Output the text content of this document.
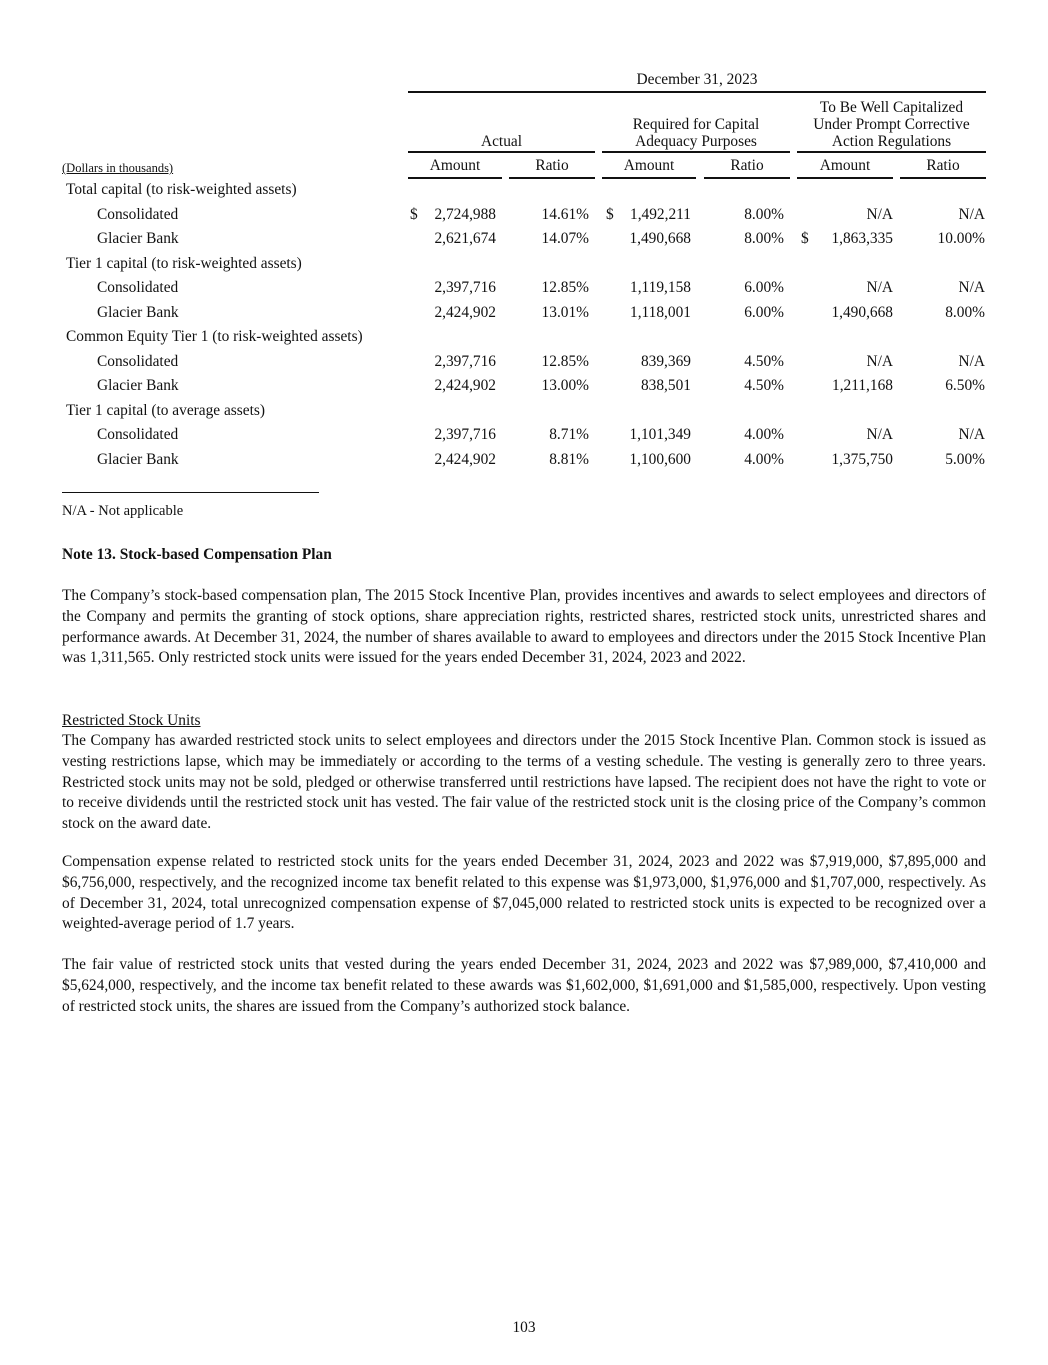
December 31, 2023
Actual
Required for Capital
Adequacy Purposes
To Be Well Capitalized
Under Prompt Corrective
Action Regulations
(Dollars in thousands)	Amount	Ratio	Amount	Ratio	Amount	Ratio
Total capital (to risk-weighted assets)
Consolidated	$ 2,724,988	14.61% $ 1,492,211	8.00%	N/A	N/A
Glacier Bank	2,621,674	14.07%	1,490,668	8.00% $ 1,863,335	10.00%
Tier 1 capital (to risk-weighted assets)
Consolidated	2,397,716	12.85%	1,119,158	6.00%	N/A	N/A
Glacier Bank	2,424,902	13.01%	1,118,001	6.00%	1,490,668	8.00%
Common Equity Tier 1 (to risk-weighted assets)
Consolidated	2,397,716	12.85%	839,369	4.50%	N/A	N/A
Glacier Bank	2,424,902	13.00%	838,501	4.50%	1,211,168	6.50%
Tier 1 capital (to average assets)
Consolidated	2,397,716	8.71%	1,101,349	4.00%	N/A	N/A
Glacier Bank	2,424,902	8.81%	1,100,600	4.00%	1,375,750	5.00%
N/A - Not applicable
Note 13. Stock-based Compensation Plan
The Company’s stock-based compensation plan, The 2015 Stock Incentive Plan, provides incentives and awards to select employees and directors of the Company and permits the granting of stock options, share appreciation rights, restricted shares, restricted stock units, unrestricted shares and performance awards. At December 31, 2024, the number of shares available to award to employees and directors under the 2015 Stock Incentive Plan was 1,311,565. Only restricted stock units were issued for the years ended December 31, 2024, 2023 and 2022.
Restricted Stock Units
The Company has awarded restricted stock units to select employees and directors under the 2015 Stock Incentive Plan. Common stock is issued as vesting restrictions lapse, which may be immediately or according to the terms of a vesting schedule. The vesting is generally zero to three years. Restricted stock units may not be sold, pledged or otherwise transferred until restrictions have lapsed. The recipient does not have the right to vote or to receive dividends until the restricted stock unit has vested. The fair value of the restricted stock unit is the closing price of the Company’s common stock on the award date.
Compensation expense related to restricted stock units for the years ended December 31, 2024, 2023 and 2022 was $7,919,000, $7,895,000 and $6,756,000, respectively, and the recognized income tax benefit related to this expense was $1,973,000, $1,976,000 and $1,707,000, respectively. As of December 31, 2024, total unrecognized compensation expense of $7,045,000 related to restricted stock units is expected to be recognized over a weighted-average period of 1.7 years.
The fair value of restricted stock units that vested during the years ended December 31, 2024, 2023 and 2022 was $7,989,000, $7,410,000 and $5,624,000, respectively, and the income tax benefit related to these awards was $1,602,000, $1,691,000 and $1,585,000, respectively. Upon vesting of restricted stock units, the shares are issued from the Company’s authorized stock balance.
103
